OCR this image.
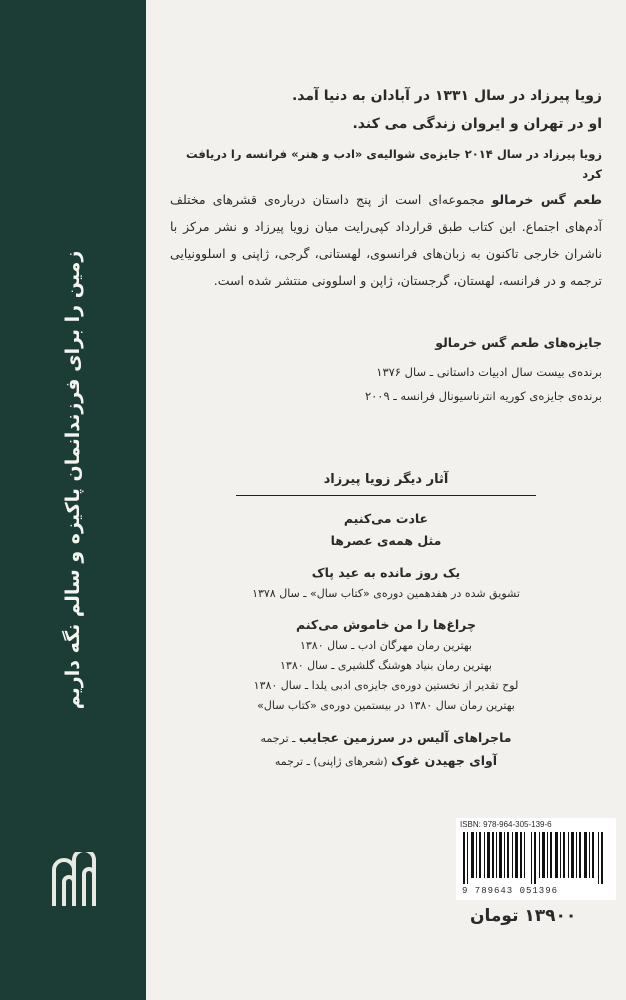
زمین را برای فرزندانمان پاکیزه و سالم نگه داریم
زویا پیرزاد در سال ۱۳۳۱ در آبادان به دنیا آمد.
او در تهران و ایروان زندگی می کند.
زویا پیرزاد در سال ۲۰۱۴ جایزه‌ی شوالیه‌ی «ادب و هنر» فرانسه را دریافت کرد
طعم گس خرمالو مجموعه‌ای است از پنج داستان درباره‌ی قشرهای مختلف آدم‌های اجتماع. این کتاب طبق قرارداد کپی‌رایت میان زویا پیرزاد و نشر مرکز با ناشران خارجی تاکنون به زبان‌های فرانسوی، لهستانی، گرجی، ژاپنی و اسلوونیایی ترجمه و در فرانسه، لهستان، گرجستان، ژاپن و اسلوونی منتشر شده است.
جایزه‌های طعم گس خرمالو
برنده‌ی بیست سال ادبیات داستانی ـ سال ۱۳۷۶
برنده‌ی جایزه‌ی کوریه انترناسیونال فرانسه ـ ۲۰۰۹
آثار دیگر زویا پیرزاد
عادت می‌کنیم
مثل همه‌ی عصرها
یک روز مانده به عید پاک
تشویق شده در هفدهمین دوره‌ی «کتاب سال» ـ سال ۱۳۷۸
چراغ‌ها را من خاموش می‌کنم
بهترین رمان مهرگان ادب ـ سال ۱۳۸۰
بهترین رمان بنیاد هوشنگ گلشیری ـ سال ۱۳۸۰
لوح تقدیر از نخستین دوره‌ی جایزه‌ی ادبی یلدا ـ سال ۱۳۸۰
بهترین رمان سال ۱۳۸۰ در بیستمین دوره‌ی «کتاب سال»
ماجراهای آلیس در سرزمین عجایب ـ ترجمه
آوای جهیدن غوک (شعرهای ژاپنی) ـ ترجمه
9 789643 051396
ISBN: 978-964-305-139-6
۱۳۹۰۰ تومان
